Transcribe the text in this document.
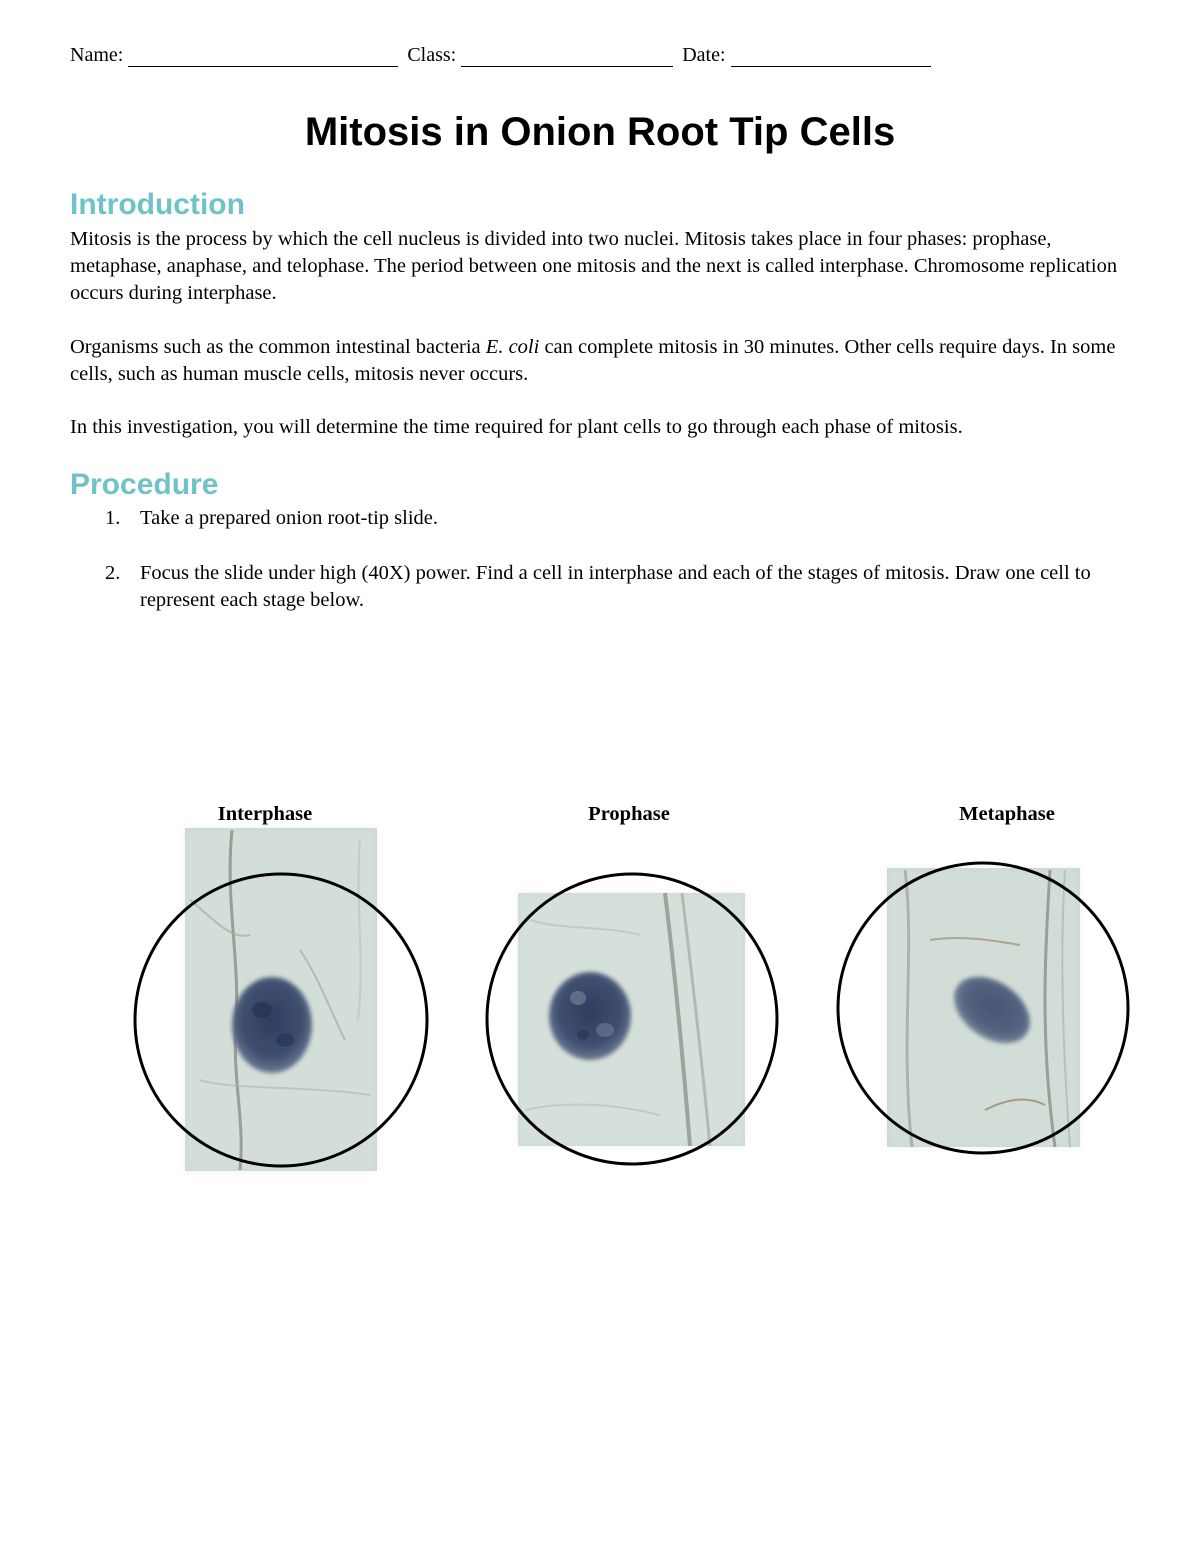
Name:	Class:	Date:
Mitosis in Onion Root Tip Cells
Introduction
Mitosis is the process by which the cell nucleus is divided into two nuclei. Mitosis takes place in four phases: prophase, metaphase, anaphase, and telophase. The period between one mitosis and the next is called interphase. Chromosome replication occurs during interphase.
Organisms such as the common intestinal bacteria E. coli can complete mitosis in 30 minutes. Other cells require days. In some cells, such as human muscle cells, mitosis never occurs.
In this investigation, you will determine the time required for plant cells to go through each phase of mitosis.
Procedure
1. Take a prepared onion root-tip slide.
2. Focus the slide under high (40X) power. Find a cell in interphase and each of the stages of mitosis. Draw one cell to represent each stage below.
Interphase	Prophase	Metaphase
